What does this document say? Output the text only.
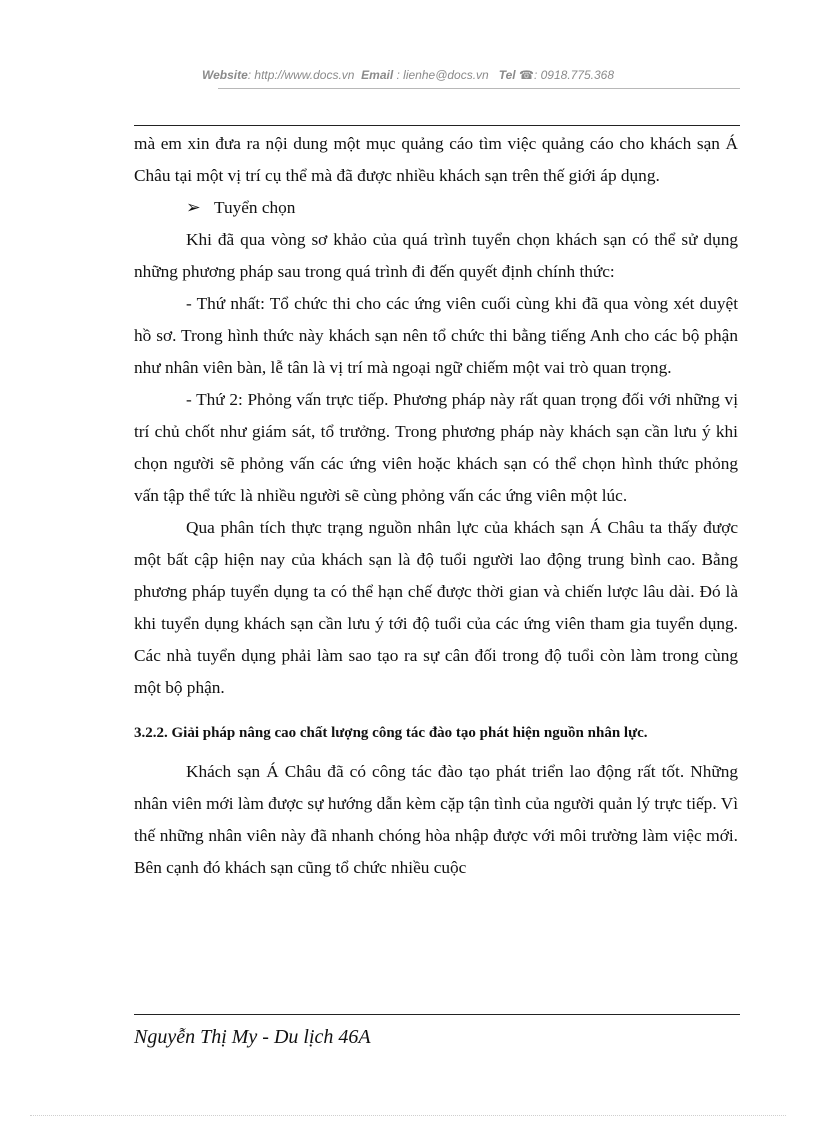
Website: http://www.docs.vn Email : lienhe@docs.vn Tel ☎: 0918.775.368

mà em xin đưa ra nội dung một mục quảng cáo tìm việc quảng cáo cho khách sạn Á Châu tại một vị trí cụ thể mà đã được nhiều khách sạn trên thế giới áp dụng.

➢ Tuyển chọn

Khi đã qua vòng sơ khảo của quá trình tuyển chọn khách sạn có thể sử dụng những phương pháp sau trong quá trình đi đến quyết định chính thức:

- Thứ nhất: Tổ chức thi cho các ứng viên cuối cùng khi đã qua vòng xét duyệt hồ sơ. Trong hình thức này khách sạn nên tổ chức thi bằng tiếng Anh cho các bộ phận như nhân viên bàn, lễ tân là vị trí mà ngoại ngữ chiếm một vai trò quan trọng.

- Thứ 2: Phỏng vấn trực tiếp. Phương pháp này rất quan trọng đối với những vị trí chủ chốt như giám sát, tổ trưởng. Trong phương pháp này khách sạn cần lưu ý khi chọn người sẽ phỏng vấn các ứng viên hoặc khách sạn có thể chọn hình thức phỏng vấn tập thể tức là nhiều người sẽ cùng phỏng vấn các ứng viên một lúc.

Qua phân tích thực trạng nguồn nhân lực của khách sạn Á Châu ta thấy được một bất cập hiện nay của khách sạn là độ tuổi người lao động trung bình cao. Bằng phương pháp tuyển dụng ta có thể hạn chế được thời gian và chiến lược lâu dài. Đó là khi tuyển dụng khách sạn cần lưu ý tới độ tuổi của các ứng viên tham gia tuyển dụng. Các nhà tuyển dụng phải làm sao tạo ra sự cân đối trong độ tuổi còn làm trong cùng một bộ phận.

3.2.2. Giải pháp nâng cao chất lượng công tác đào tạo phát hiện nguồn nhân lực.

Khách sạn Á Châu đã có công tác đào tạo phát triển lao động rất tốt. Những nhân viên mới làm được sự hướng dẫn kèm cặp tận tình của người quản lý trực tiếp. Vì thế những nhân viên này đã nhanh chóng hòa nhập được với môi trường làm việc mới. Bên cạnh đó khách sạn cũng tổ chức nhiều cuộc

Nguyễn Thị My - Du lịch 46A
